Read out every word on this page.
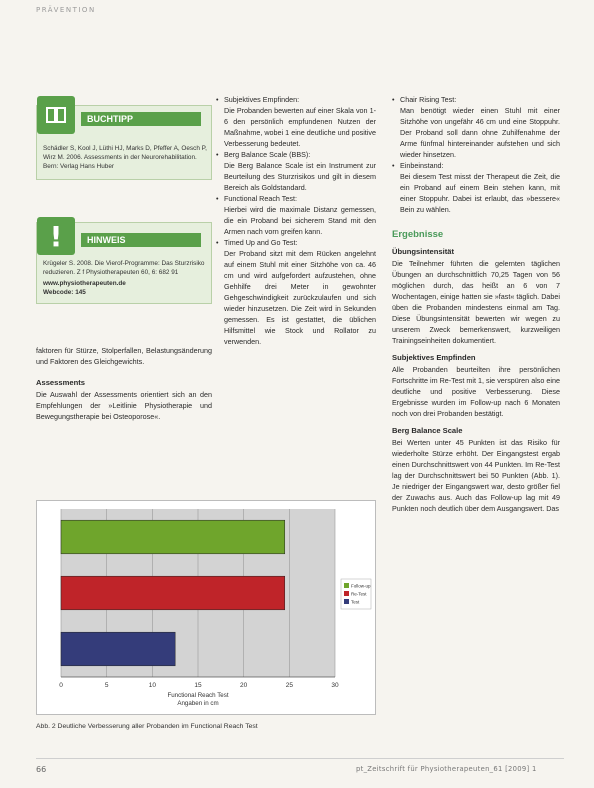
PRÄVENTION
BUCHTIPP
Schädler S, Kool J, Lüthi HJ, Marks D, Pfeffer A, Oesch P, Wirz M. 2006. Assessments in der Neurorehabilitation. Bern: Verlag Hans Huber
HINWEIS
!
Krügeler S. 2008. Die Vierof-Programme: Das Sturzrisiko reduzieren. Z f Physiotherapeuten 60, 6: 682 91
www.physiotherapeuten.de
Webcode: 145

faktoren für Stürze, Stolperfallen, Belastungsänderung und Faktoren des Gleichgewichts.

Assessments

Die Auswahl der Assessments orientiert sich an den Empfehlungen der »Leitlinie Physiotherapie und Bewegungstherapie bei Osteoporose«.

• Subjektives Empfinden:
Die Probanden bewerten auf einer Skala von 1-6 den persönlich empfundenen Nutzen der Maßnahme, wobei 1 eine deutliche und positive Verbesserung bedeutet.
• Berg Balance Scale (BBS):
Die Berg Balance Scale ist ein Instrument zur Beurteilung des Sturzrisikos und gilt in diesem Bereich als Goldstandard.
• Functional Reach Test:
Hierbei wird die maximale Distanz gemessen, die ein Proband bei sicherem Stand mit den Armen nach vorn greifen kann.
• Timed Up and Go Test:
Der Proband sitzt mit dem Rücken angelehnt auf einem Stuhl mit einer Sitzhöhe von ca. 46 cm und wird aufgefordert aufzustehen, ohne Gehhilfe drei Meter in gewohnter Gehgeschwindigkeit zurückzulaufen und sich wieder hinzusetzen. Die Zeit wird in Sekunden gemessen. Es ist gestattet, die üblichen Hilfsmittel wie Stock und Rollator zu verwenden.
• Chair Rising Test:
Man benötigt wieder einen Stuhl mit einer Sitzhöhe von ungefähr 46 cm und eine Stoppuhr. Der Proband soll dann ohne Zuhilfenahme der Arme fünfmal hintereinander aufstehen und sich wieder hinsetzen.
• Einbeinstand:
Bei diesem Test misst der Therapeut die Zeit, die ein Proband auf einem Bein stehen kann, mit einer Stoppuhr. Dabei ist erlaubt, das »bessere« Bein zu wählen.
Ergebnisse
Übungsintensität

Die Teilnehmer führten die gelernten täglichen Übungen an durchschnittlich 70,25 Tagen von 56 möglichen durch, das heißt an 6 von 7 Wochentagen, einige hatten sie »fast« täglich. Dabei üben die Probanden mindestens einmal am Tag. Diese Übungsintensität bewerten wir wegen zu unserem Zweck bemerkenswert, kurzweiligen Trainingseinheiten dokumentiert.

Subjektives Empfinden

Alle Probanden beurteilten ihre persönlichen Fortschritte im Re-Test mit 1, sie verspüren also eine deutliche und positive Verbesserung. Diese Ergebnisse wurden im Follow-up nach 6 Monaten noch von drei Probanden bestätigt.

Berg Balance Scale

Bei Werten unter 45 Punkten ist das Risiko für wiederholte Stürze erhöht. Der Eingangstest ergab einen Durchschnittswert von 44 Punkten. Im Re-Test lag der Durchschnittswert bei 50 Punkten (Abb. 1). Je niedriger der Eingangswert war, desto größer fiel der Zuwachs aus. Auch das Follow-up lag mit 49 Punkten noch deutlich über dem Ausgangswert. Das

0	5	10	15	20	25	30
Functional Reach Test
Angaben in cm
Follow-up
Re-Test
Test
Abb. 2 Deutliche Verbesserung aller Probanden im Functional Reach Test
66	pt_Zeitschrift für Physiotherapeuten_61 [2009] 1
